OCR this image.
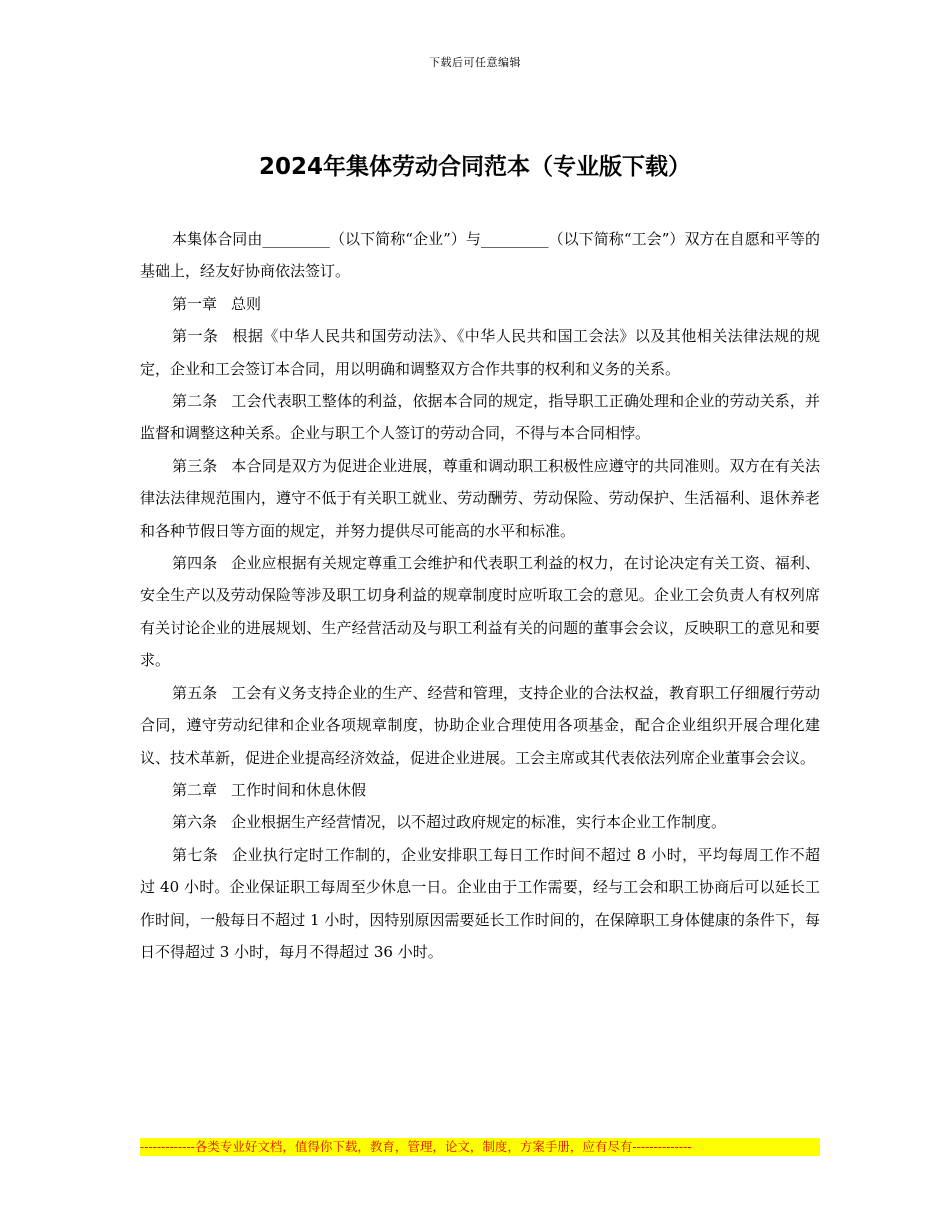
下载后可任意编辑
2024年集体劳动合同范本（专业版下载）

本集体合同由_________（以下简称“企业”）与_________（以下简称“工会”）双方在自愿和平等的基础上，经友好协商依法签订。

第一章 总则

第一条 根据《中华人民共和国劳动法》、《中华人民共和国工会法》以及其他相关法律法规的规定，企业和工会签订本合同，用以明确和调整双方合作共事的权利和义务的关系。

第二条 工会代表职工整体的利益，依据本合同的规定，指导职工正确处理和企业的劳动关系，并监督和调整这种关系。企业与职工个人签订的劳动合同，不得与本合同相悖。

第三条 本合同是双方为促进企业进展，尊重和调动职工积极性应遵守的共同准则。双方在有关法律法法律规范围内，遵守不低于有关职工就业、劳动酬劳、劳动保险、劳动保护、生活福利、退休养老和各种节假日等方面的规定，并努力提供尽可能高的水平和标准。

第四条 企业应根据有关规定尊重工会维护和代表职工利益的权力，在讨论决定有关工资、福利、安全生产以及劳动保险等涉及职工切身利益的规章制度时应听取工会的意见。企业工会负责人有权列席有关讨论企业的进展规划、生产经营活动及与职工利益有关的问题的董事会会议，反映职工的意见和要求。

第五条 工会有义务支持企业的生产、经营和管理，支持企业的合法权益，教育职工仔细履行劳动合同，遵守劳动纪律和企业各项规章制度，协助企业合理使用各项基金，配合企业组织开展合理化建议、技术革新，促进企业提高经济效益，促进企业进展。工会主席或其代表依法列席企业董事会会议。

第二章 工作时间和休息休假

第六条 企业根据生产经营情况，以不超过政府规定的标准，实行本企业工作制度。

第七条 企业执行定时工作制的，企业安排职工每日工作时间不超过 8 小时，平均每周工作不超过 40 小时。企业保证职工每周至少休息一日。企业由于工作需要，经与工会和职工协商后可以延长工作时间，一般每日不超过 1 小时，因特别原因需要延长工作时间的，在保障职工身体健康的条件下，每日不得超过 3 小时，每月不得超过 36 小时。

-------------各类专业好文档，值得你下载，教育，管理，论文，制度，方案手册，应有尽有--------------
